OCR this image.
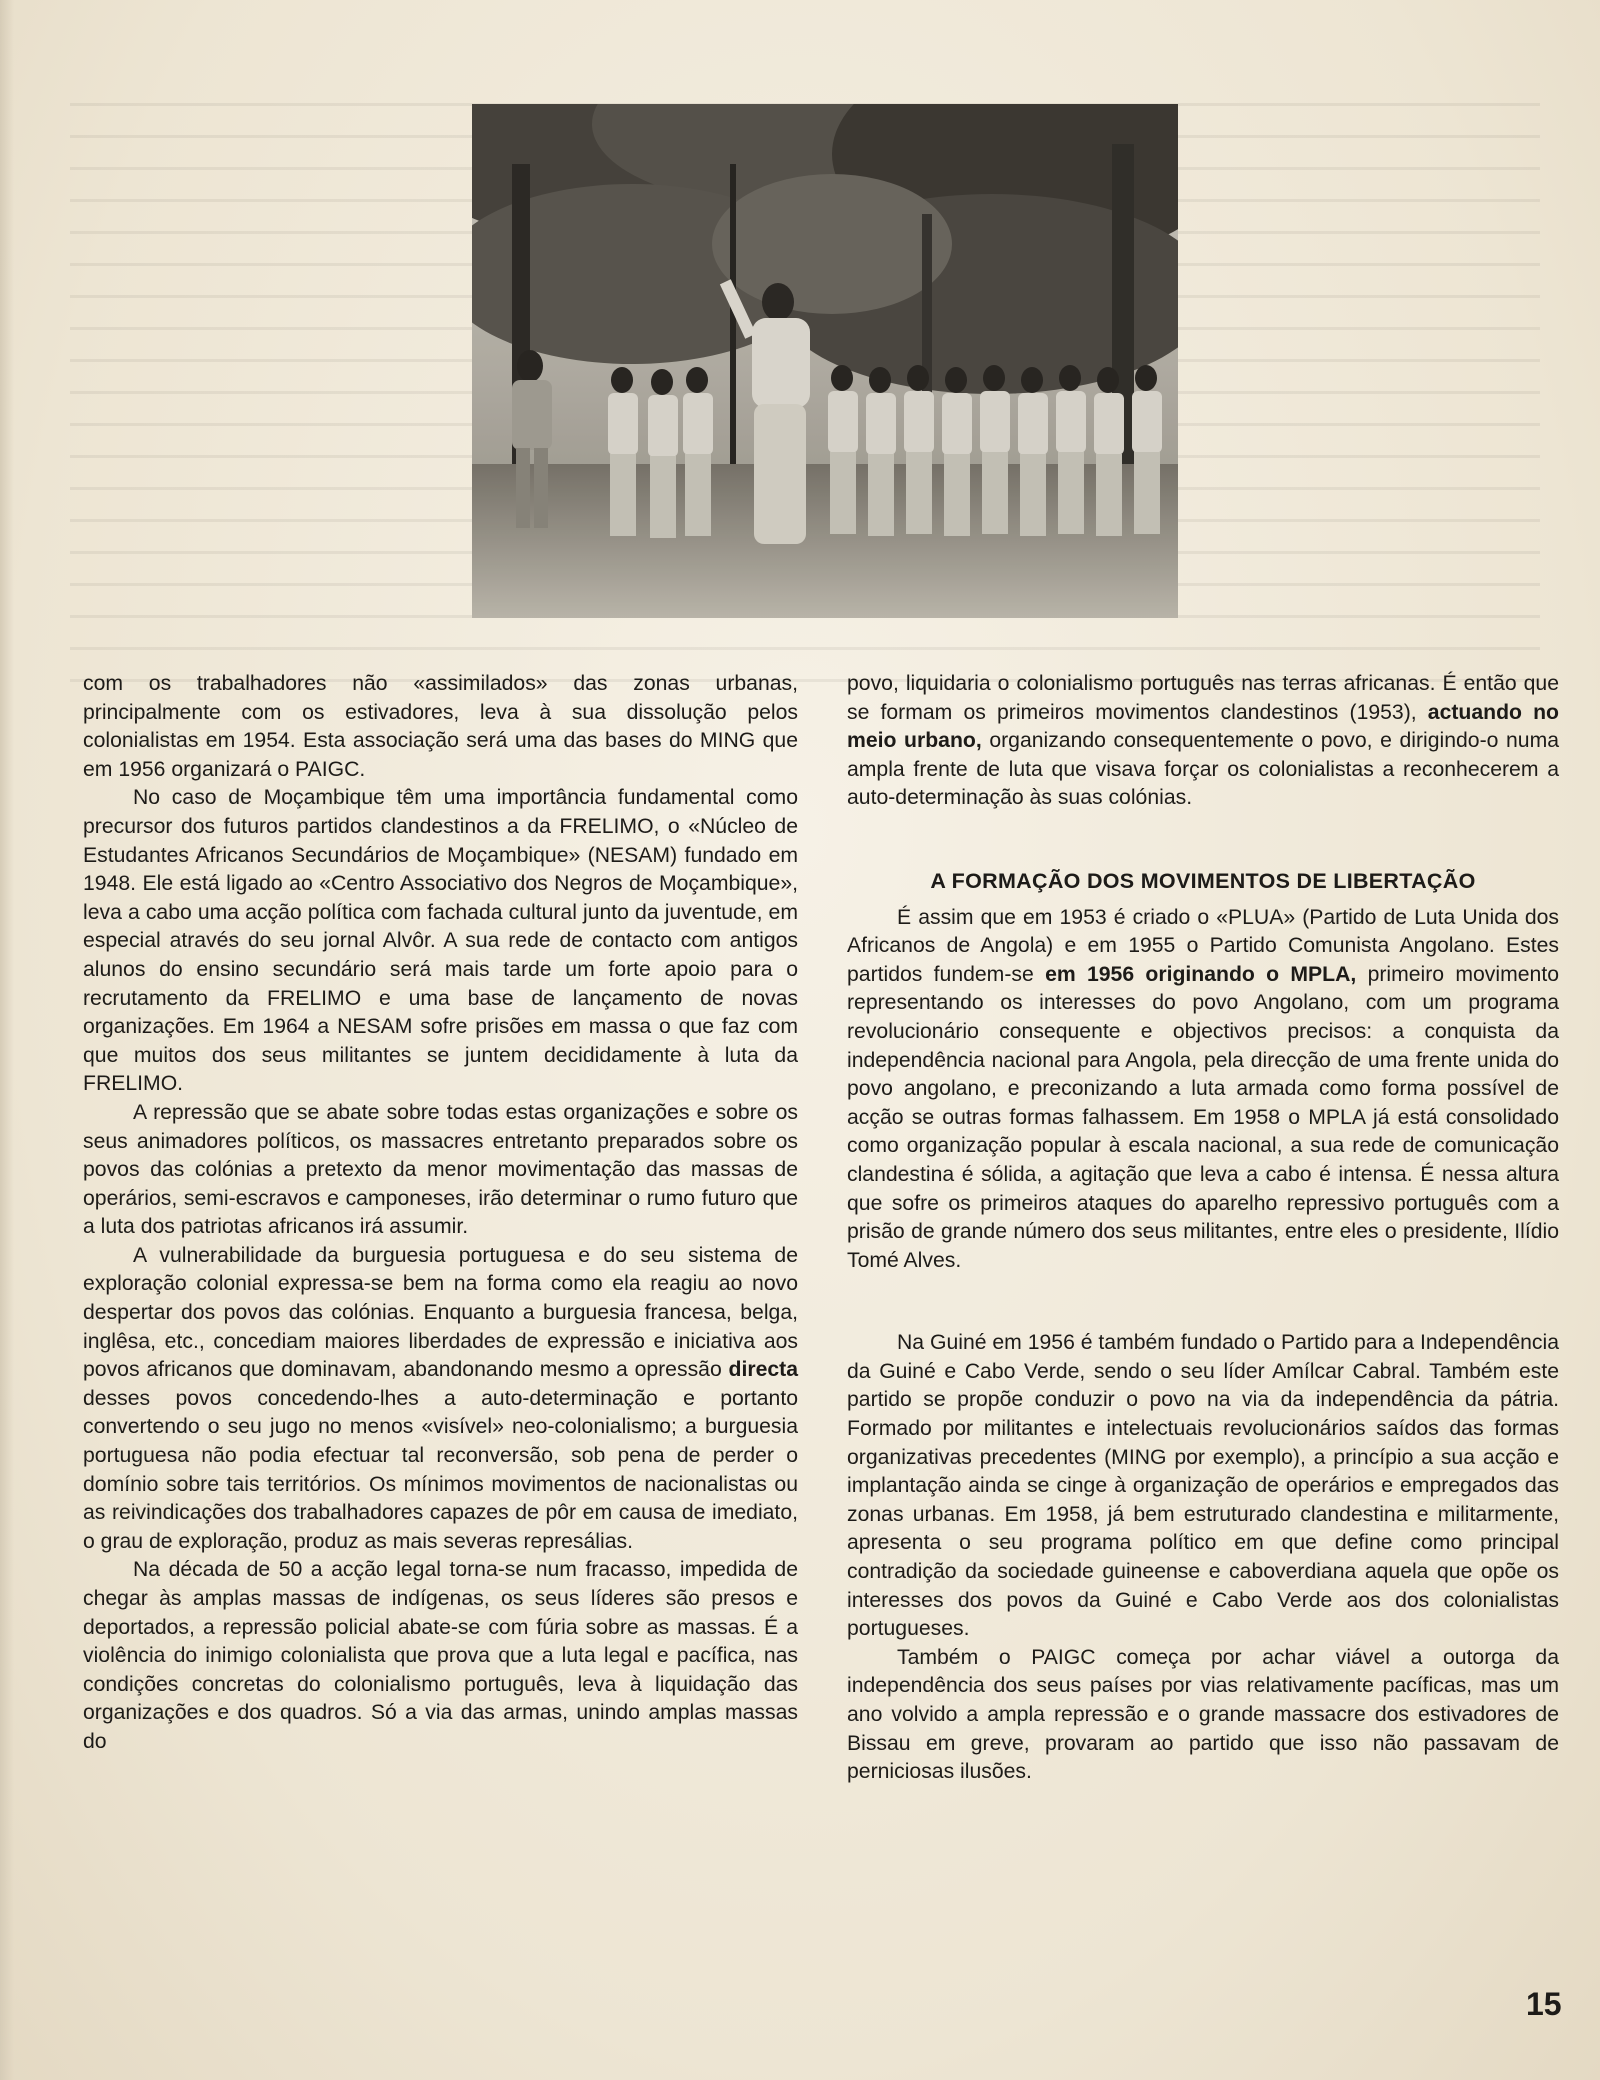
com os trabalhadores não «assimilados» das zonas urbanas, principalmente com os estivadores, leva à sua dissolução pelos colonialistas em 1954. Esta associação será uma das bases do MING que em 1956 organizará o PAIGC.

No caso de Moçambique têm uma importância fundamental como precursor dos futuros partidos clandestinos a da FRELIMO, o «Núcleo de Estudantes Africanos Secundários de Moçambique» (NESAM) fundado em 1948. Ele está ligado ao «Centro Associativo dos Negros de Moçambique», leva a cabo uma acção política com fachada cultural junto da juventude, em especial através do seu jornal Alvôr. A sua rede de contacto com antigos alunos do ensino secundário será mais tarde um forte apoio para o recrutamento da FRELIMO e uma base de lançamento de novas organizações. Em 1964 a NESAM sofre prisões em massa o que faz com que muitos dos seus militantes se juntem decididamente à luta da FRELIMO.

A repressão que se abate sobre todas estas organizações e sobre os seus animadores políticos, os massacres entretanto preparados sobre os povos das colónias a pretexto da menor movimentação das massas de operários, semi-escravos e camponeses, irão determinar o rumo futuro que a luta dos patriotas africanos irá assumir.

A vulnerabilidade da burguesia portuguesa e do seu sistema de exploração colonial expressa-se bem na forma como ela reagiu ao novo despertar dos povos das colónias. Enquanto a burguesia francesa, belga, inglêsa, etc., concediam maiores liberdades de expressão e iniciativa aos povos africanos que dominavam, abandonando mesmo a opressão directa desses povos concedendo-lhes a auto-determinação e portanto convertendo o seu jugo no menos «visível» neo-colonialismo; a burguesia portuguesa não podia efectuar tal reconversão, sob pena de perder o domínio sobre tais territórios. Os mínimos movimentos de nacionalistas ou as reivindicações dos trabalhadores capazes de pôr em causa de imediato, o grau de exploração, produz as mais severas represálias.

Na década de 50 a acção legal torna-se num fracasso, impedida de chegar às amplas massas de indígenas, os seus líderes são presos e deportados, a repressão policial abate-se com fúria sobre as massas. É a violência do inimigo colonialista que prova que a luta legal e pacífica, nas condições concretas do colonialismo português, leva à liquidação das organizações e dos quadros. Só a via das armas, unindo amplas massas do

povo, liquidaria o colonialismo português nas terras africanas. É então que se formam os primeiros movimentos clandestinos (1953), actuando no meio urbano, organizando consequentemente o povo, e dirigindo-o numa ampla frente de luta que visava forçar os colonialistas a reconhecerem a auto-determinação às suas colónias.

A FORMAÇÃO DOS MOVIMENTOS DE LIBERTAÇÃO

É assim que em 1953 é criado o «PLUA» (Partido de Luta Unida dos Africanos de Angola) e em 1955 o Partido Comunista Angolano. Estes partidos fundem-se em 1956 originando o MPLA, primeiro movimento representando os interesses do povo Angolano, com um programa revolucionário consequente e objectivos precisos: a conquista da independência nacional para Angola, pela direcção de uma frente unida do povo angolano, e preconizando a luta armada como forma possível de acção se outras formas falhassem. Em 1958 o MPLA já está consolidado como organização popular à escala nacional, a sua rede de comunicação clandestina é sólida, a agitação que leva a cabo é intensa. É nessa altura que sofre os primeiros ataques do aparelho repressivo português com a prisão de grande número dos seus militantes, entre eles o presidente, Ilídio Tomé Alves.

Na Guiné em 1956 é também fundado o Partido para a Independência da Guiné e Cabo Verde, sendo o seu líder Amílcar Cabral. Também este partido se propõe conduzir o povo na via da independência da pátria. Formado por militantes e intelectuais revolucionários saídos das formas organizativas precedentes (MING por exemplo), a princípio a sua acção e implantação ainda se cinge à organização de operários e empregados das zonas urbanas. Em 1958, já bem estruturado clandestina e militarmente, apresenta o seu programa político em que define como principal contradição da sociedade guineense e caboverdiana aquela que opõe os interesses dos povos da Guiné e Cabo Verde aos dos colonialistas portugueses.

Também o PAIGC começa por achar viável a outorga da independência dos seus países por vias relativamente pacíficas, mas um ano volvido a ampla repressão e o grande massacre dos estivadores de Bissau em greve, provaram ao partido que isso não passavam de perniciosas ilusões.

15
